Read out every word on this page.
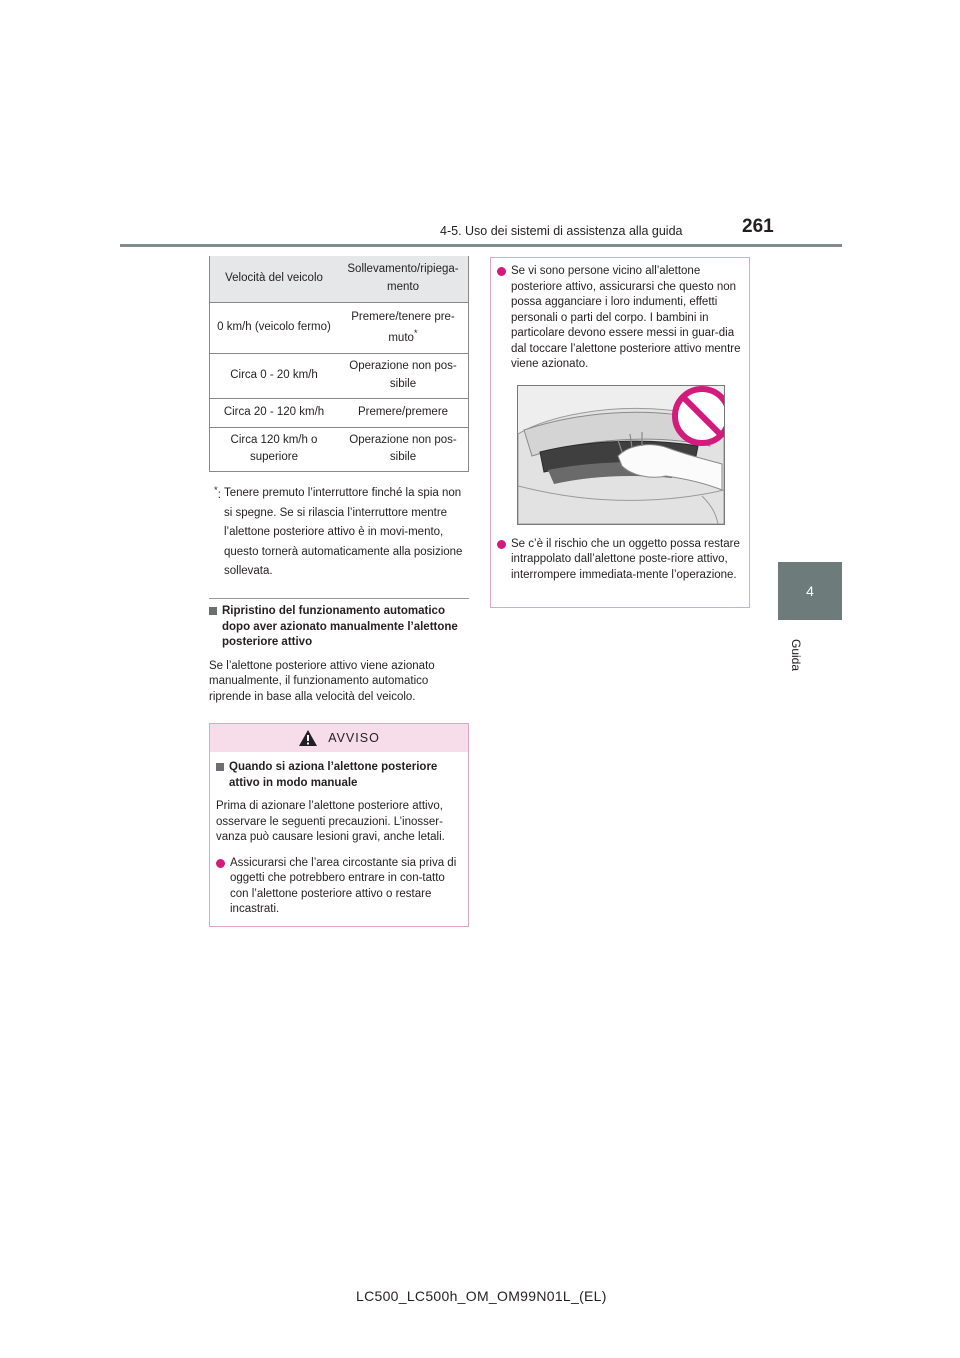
4-5. Uso dei sistemi di assistenza alla guida	261
4
Guida
Velocità del veicolo	Sollevamento/ripiega-mento
0 km/h (veicolo fermo)	Premere/tenere pre-muto*
Circa 0 - 20 km/h	Operazione non pos-sibile
Circa 20 - 120 km/h	Premere/premere
Circa 120 km/h o superiore	Operazione non pos-sibile
*: Tenere premuto l’interruttore finché la spia non si spegne. Se si rilascia l’interruttore mentre l’alettone posteriore attivo è in movi-mento, questo tornerà automaticamente alla posizione sollevata.
Ripristino del funzionamento automatico dopo aver azionato manualmente l’alettone posteriore attivo
Se l’alettone posteriore attivo viene azionato manualmente, il funzionamento automatico riprende in base alla velocità del veicolo.
AVVISO
Quando si aziona l’alettone posteriore attivo in modo manuale
Prima di azionare l’alettone posteriore attivo, osservare le seguenti precauzioni. L’inosser-vanza può causare lesioni gravi, anche letali.
Assicurarsi che l’area circostante sia priva di oggetti che potrebbero entrare in con-tatto con l’alettone posteriore attivo o restare incastrati.
Se vi sono persone vicino all’alettone posteriore attivo, assicurarsi che questo non possa agganciare i loro indumenti, effetti personali o parti del corpo. I bambini in particolare devono essere messi in guar-dia dal toccare l’alettone posteriore attivo mentre viene azionato.
Se c’è il rischio che un oggetto possa restare intrappolato dall’alettone poste-riore attivo, interrompere immediata-mente l’operazione.
LC500_LC500h_OM_OM99N01L_(EL)
